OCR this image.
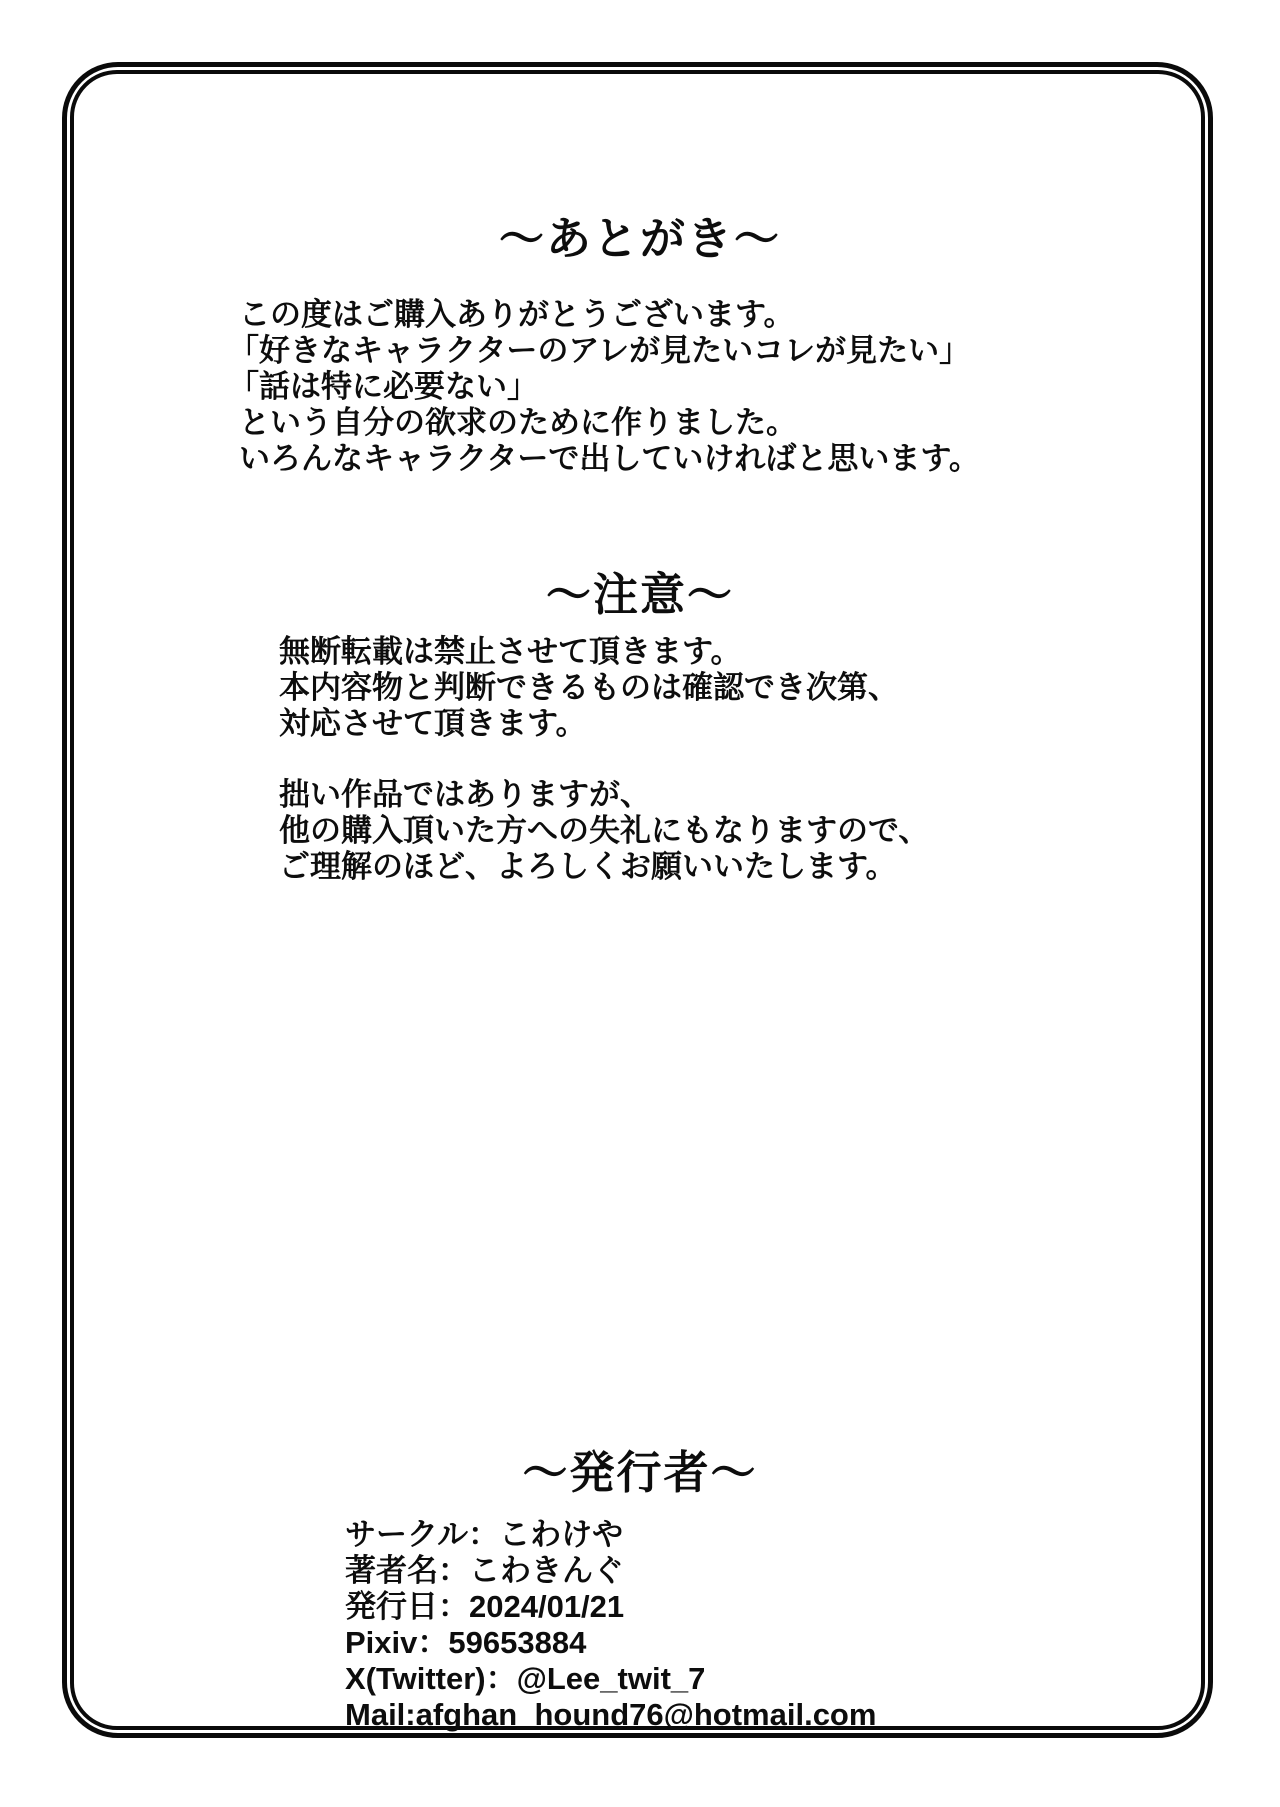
～あとがき～
この度はご購入ありがとうございます。
「好きなキャラクターのアレが見たいコレが見たい」
「話は特に必要ない」
という自分の欲求のために作りました。
いろんなキャラクターで出していければと思います。
～注意～
無断転載は禁止させて頂きます。
本内容物と判断できるものは確認でき次第、
対応させて頂きます。
拙い作品ではありますが、
他の購入頂いた方への失礼にもなりますので、
ご理解のほど、よろしくお願いいたします。
～発行者～
サークル：こわけや
著者名：こわきんぐ
発行日：2024/01/21
Pixiv：59653884
X(Twitter)：@Lee_twit_7
Mail:afghan_hound76@hotmail.com
